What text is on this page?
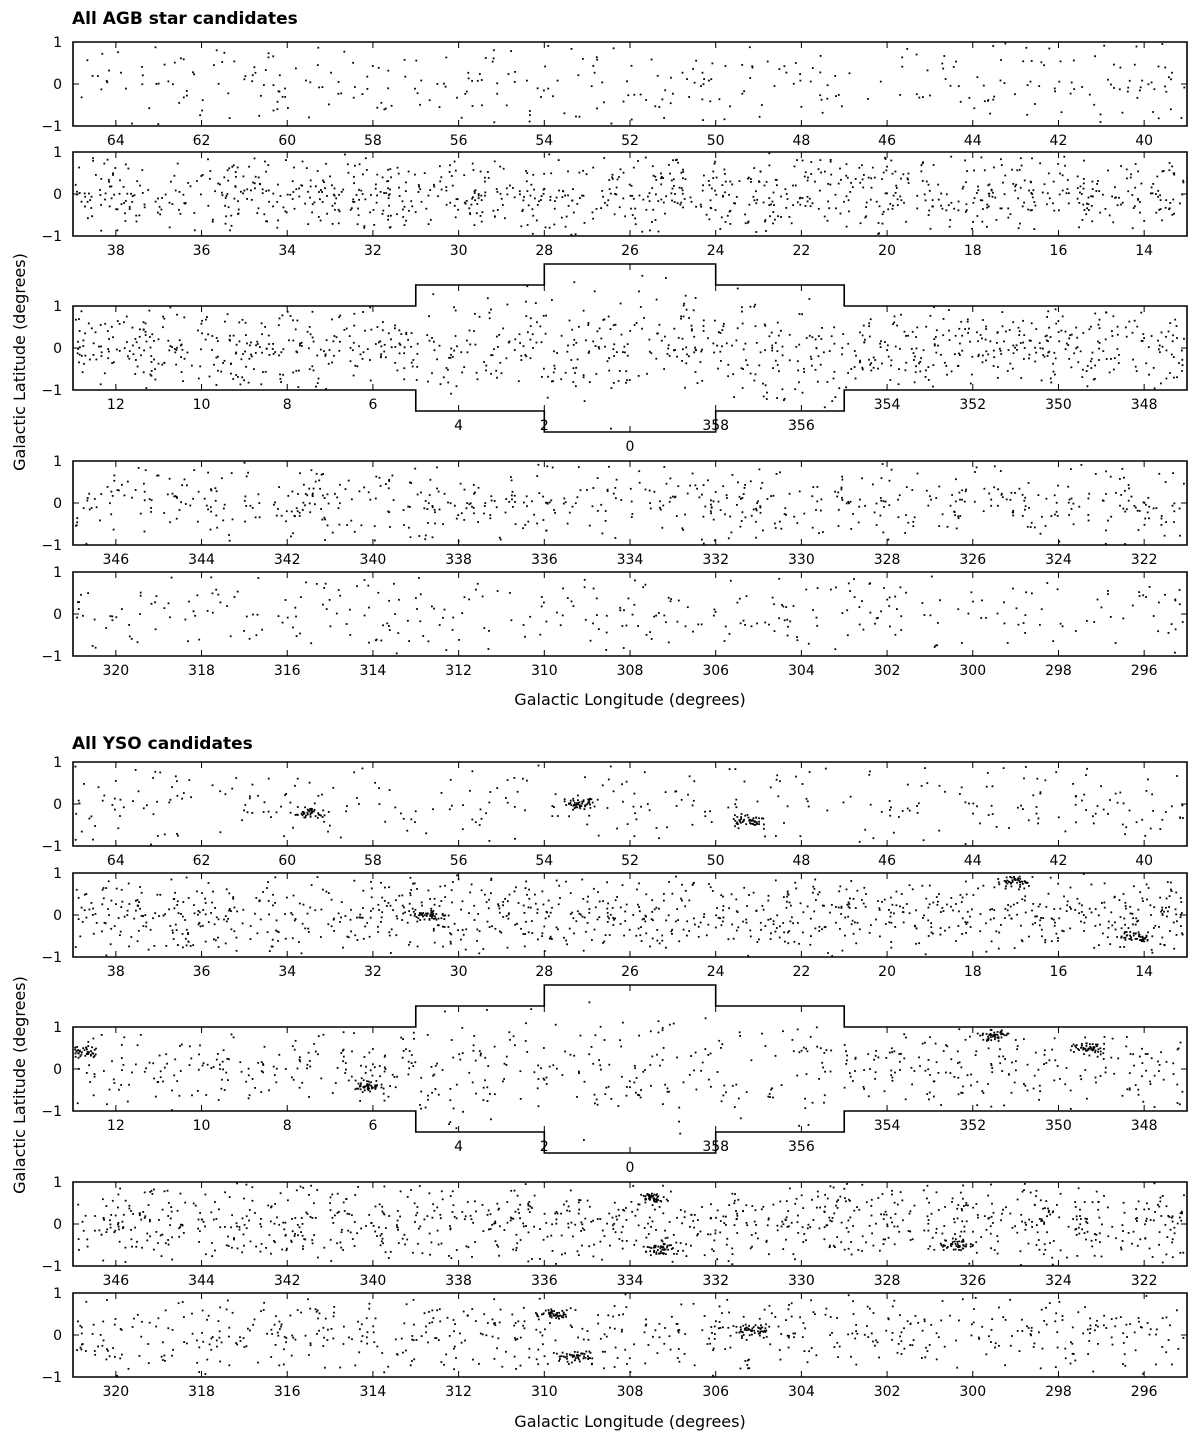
All AGB star candidates
1
0
−1
64	62	60	58	56	54	52	50	48	46	44	42	40
1
0
−1
38	36	34	32	30	28	26	24	22	20	18	16	14
1
0
−1
12	10	8	6
4	2
0
358	356
354	352	350	348
1
0
−1
346	344	342	340	338	336	334	332	330	328	326	324	322
1
0
−1
320	318	316	314	312	310	308	306	304	302	300	298	296
Galactic Longitude (degrees)
Galactic Latitude (degrees)
All YSO candidates
1
0
−1
64	62	60	58	56	54	52	50	48	46	44	42	40
1
0
−1
38	36	34	32	30	28	26	24	22	20	18	16	14
1
0
−1
12	10	8	6
4	2
0
358	356
354	352	350	348
1
0
−1
346	344	342	340	338	336	334	332	330	328	326	324	322
1
0
−1
320	318	316	314	312	310	308	306	304	302	300	298	296
Galactic Longitude (degrees)
Galactic Latitude (degrees)
